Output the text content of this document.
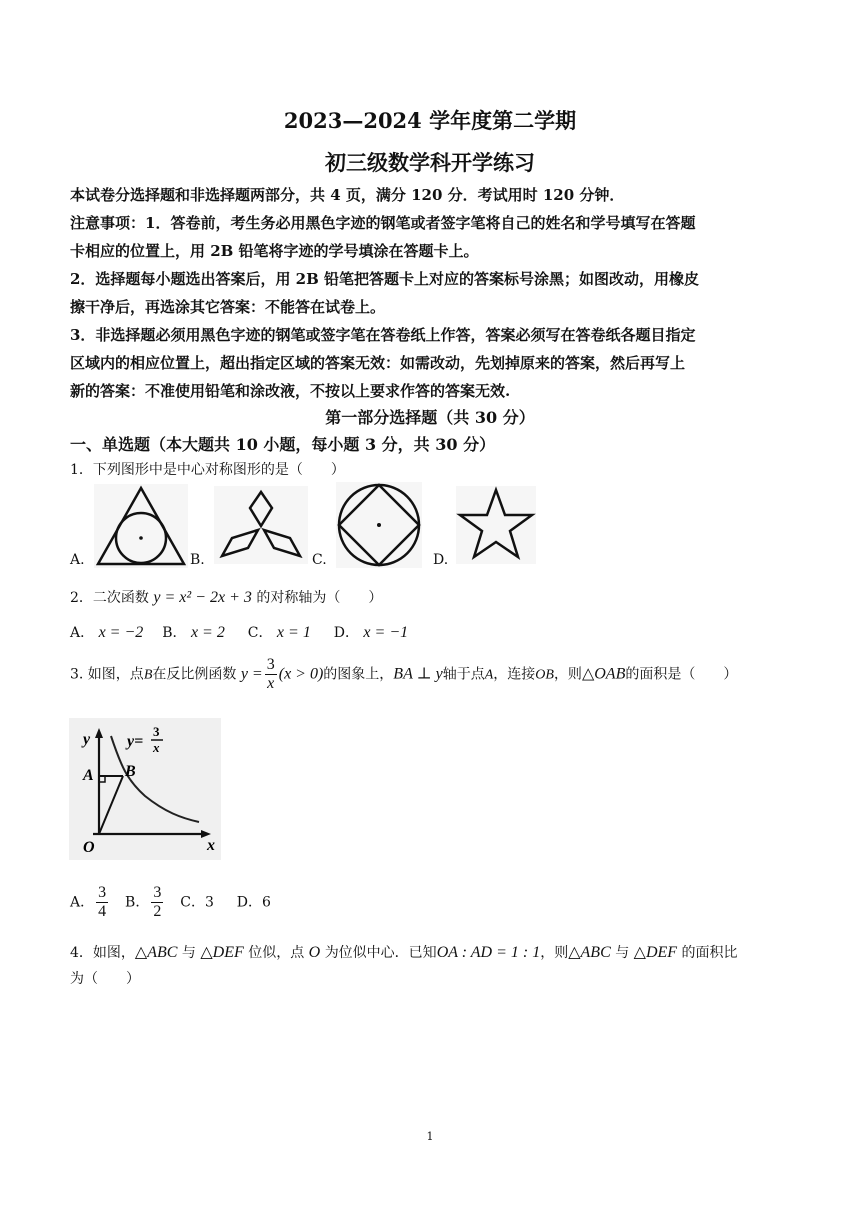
2023—2024 学年度第二学期
初三级数学科开学练习
本试卷分选择题和非选择题两部分，共 4 页，满分 120 分．考试用时 120 分钟．
注意事项：1．答卷前，考生务必用黑色字迹的钢笔或者签字笔将自己的姓名和学号填写在答题
卡相应的位置上，用 2B 铅笔将字迹的学号填涂在答题卡上。
2．选择题每小题选出答案后，用 2B 铅笔把答题卡上对应的答案标号涂黑；如图改动，用橡皮
擦干净后，再选涂其它答案：不能答在试卷上。
3．非选择题必须用黑色字迹的钢笔或签字笔在答卷纸上作答，答案必须写在答卷纸各题目指定
区域内的相应位置上，超出指定区域的答案无效：如需改动，先划掉原来的答案，然后再写上
新的答案：不准使用铅笔和涂改液，不按以上要求作答的答案无效.
第一部分选择题（共 30 分）
一、单选题（本大题共 10 小题，每小题 3 分，共 30 分）
1．下列图形中是中心对称图形的是（　　）
A.	B.	C.	D.
2．二次函数 y = x² − 2x + 3 的对称轴为（　　）
A． x = −2 B． x = 2 C． x = 1 D． x = −1
3. 如图，点B在反比例函数 $y = \frac{3}{x} (x > 0)$的图象上，BA ⊥ y轴于点A，连接OB，则△OAB的面积是（　　）
y
x
O
A B
y=
3
x
A． $\frac{3}{4}$ B． $\frac{3}{2}$ C．3 D．6
4．如图，△ABC 与 △DEF 位似，点 O 为位似中心．已知OA : AD = 1 : 1，则△ABC 与 △DEF 的面积比
为（　　）
1
